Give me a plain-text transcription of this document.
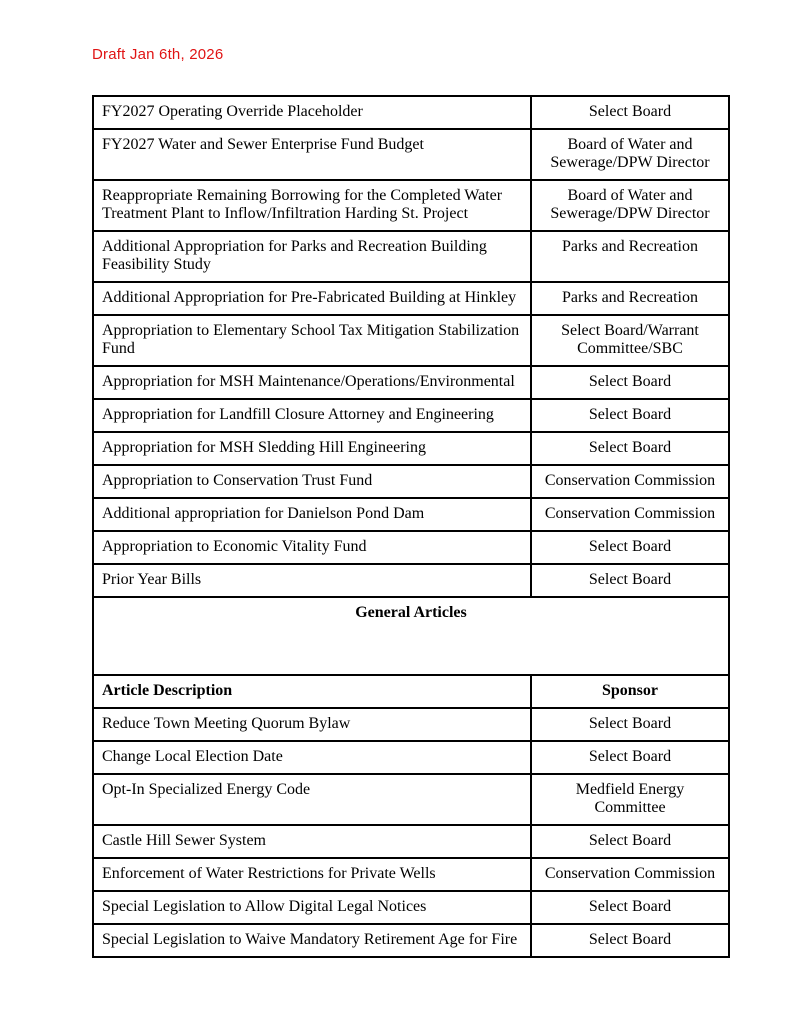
Draft Jan 6th, 2026
FY2027 Operating Override Placeholder	Select Board
FY2027 Water and Sewer Enterprise Fund Budget	Board of Water and Sewerage/DPW Director
Reappropriate Remaining Borrowing for the Completed Water Treatment Plant to Inflow/Infiltration Harding St. Project	Board of Water and Sewerage/DPW Director
Additional Appropriation for Parks and Recreation Building Feasibility Study	Parks and Recreation
Additional Appropriation for Pre-Fabricated Building at Hinkley	Parks and Recreation
Appropriation to Elementary School Tax Mitigation Stabilization Fund	Select Board/Warrant Committee/SBC
Appropriation for MSH Maintenance/Operations/Environmental	Select Board
Appropriation for Landfill Closure Attorney and Engineering	Select Board
Appropriation for MSH Sledding Hill Engineering	Select Board
Appropriation to Conservation Trust Fund	Conservation Commission
Additional appropriation for Danielson Pond Dam	Conservation Commission
Appropriation to Economic Vitality Fund	Select Board
Prior Year Bills	Select Board
General Articles	
Article Description	Sponsor
Reduce Town Meeting Quorum Bylaw	Select Board
Change Local Election Date	Select Board
Opt-In Specialized Energy Code	Medfield Energy Committee
Castle Hill Sewer System	Select Board
Enforcement of Water Restrictions for Private Wells	Conservation Commission
Special Legislation to Allow Digital Legal Notices	Select Board
Special Legislation to Waive Mandatory Retirement Age for Fire	Select Board
